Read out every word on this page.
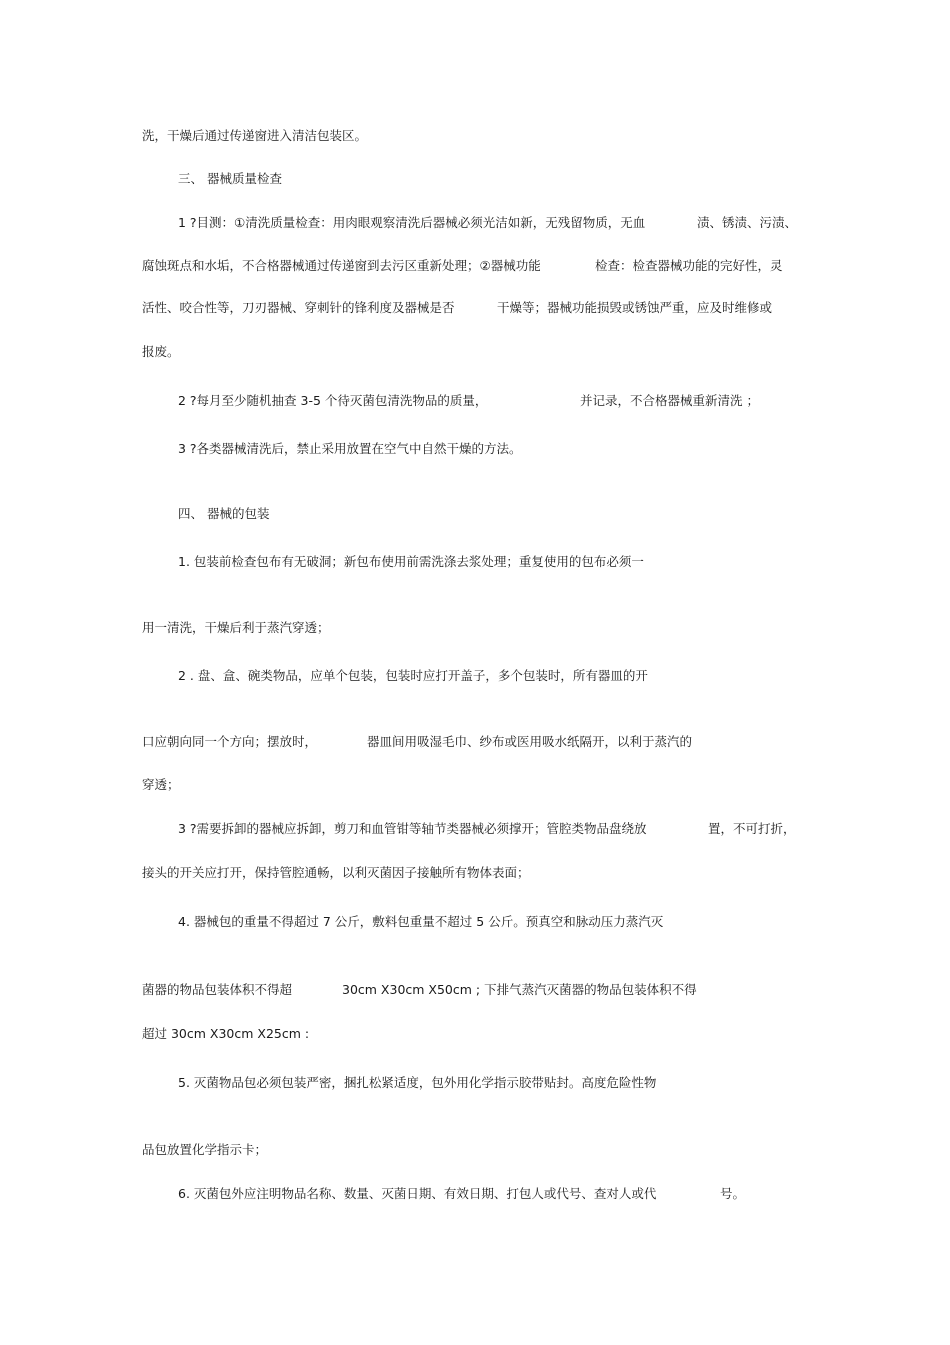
洗，干燥后通过传递窗进入清洁包装区。
三、 器械质量检查
1 ?目测：①清洗质量检查：用肉眼观察清洗后器械必须光洁如新，无残留物质，无血	渍、锈渍、污渍、
腐蚀斑点和水垢，不合格器械通过传递窗到去污区重新处理；②器械功能	检查：检查器械功能的完好性，灵
活性、咬合性等，刀刃器械、穿刺针的锋利度及器械是否	干燥等；器械功能损毁或锈蚀严重，应及时维修或
报废。
2 ?每月至少随机抽查 3-5 个待灭菌包清洗物品的质量，	并记录，不合格器械重新清洗 ；
3 ?各类器械清洗后，禁止采用放置在空气中自然干燥的方法。
四、 器械的包装
1. 包装前检查包布有无破洞；新包布使用前需洗涤去浆处理；重复使用的包布必须一
用一清洗，干燥后利于蒸汽穿透；
2 . 盘、盒、碗类物品，应单个包装，包装时应打开盖子，多个包装时，所有器皿的开
口应朝向同一个方向；摆放时，	器皿间用吸湿毛巾、纱布或医用吸水纸隔开，以利于蒸汽的
穿透；
3 ?需要拆卸的器械应拆卸，剪刀和血管钳等轴节类器械必须撑开；管腔类物品盘绕放	置，不可打折，
接头的开关应打开，保持管腔通畅，以利灭菌因子接触所有物体表面；
4. 器械包的重量不得超过 7 公斤，敷料包重量不超过 5 公斤。预真空和脉动压力蒸汽灭
菌器的物品包装体积不得超	30cm X30cm X50cm ; 下排气蒸汽灭菌器的物品包装体积不得
超过 30cm X30cm X25cm :
5. 灭菌物品包必须包装严密，捆扎松紧适度，包外用化学指示胶带贴封。高度危险性物
品包放置化学指示卡；
6. 灭菌包外应注明物品名称、数量、灭菌日期、有效日期、打包人或代号、查对人或代	号。
